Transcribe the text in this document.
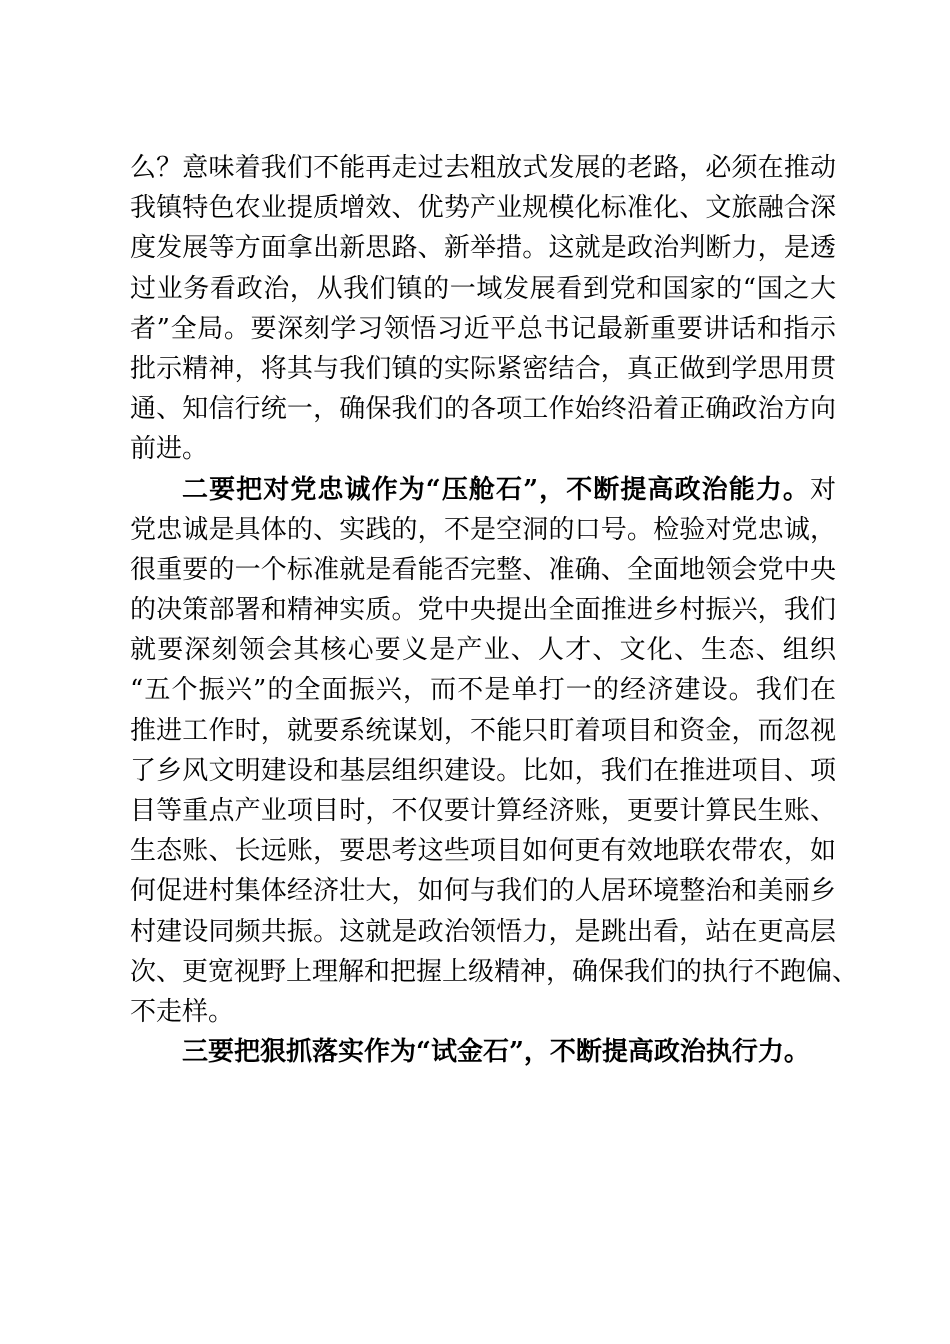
么？意味着我们不能再走过去粗放式发展的老路，必须在推动
我镇特色农业提质增效、优势产业规模化标准化、文旅融合深
度发展等方面拿出新思路、新举措。这就是政治判断力，是透
过业务看政治，从我们镇的一域发展看到党和国家的“国之大
者”全局。要深刻学习领悟习近平总书记最新重要讲话和指示
批示精神，将其与我们镇的实际紧密结合，真正做到学思用贯
通、知信行统一，确保我们的各项工作始终沿着正确政治方向
前进。
二要把对党忠诚作为“压舱石”，不断提高政治能力。对
党忠诚是具体的、实践的，不是空洞的口号。检验对党忠诚，
很重要的一个标准就是看能否完整、准确、全面地领会党中央
的决策部署和精神实质。党中央提出全面推进乡村振兴，我们
就要深刻领会其核心要义是产业、人才、文化、生态、组织
“五个振兴”的全面振兴，而不是单打一的经济建设。我们在
推进工作时，就要系统谋划，不能只盯着项目和资金，而忽视
了乡风文明建设和基层组织建设。比如，我们在推进项目、项
目等重点产业项目时，不仅要计算经济账，更要计算民生账、
生态账、长远账，要思考这些项目如何更有效地联农带农，如
何促进村集体经济壮大，如何与我们的人居环境整治和美丽乡
村建设同频共振。这就是政治领悟力，是跳出看，站在更高层
次、更宽视野上理解和把握上级精神，确保我们的执行不跑偏、
不走样。
三要把狠抓落实作为“试金石”，不断提高政治执行力。
